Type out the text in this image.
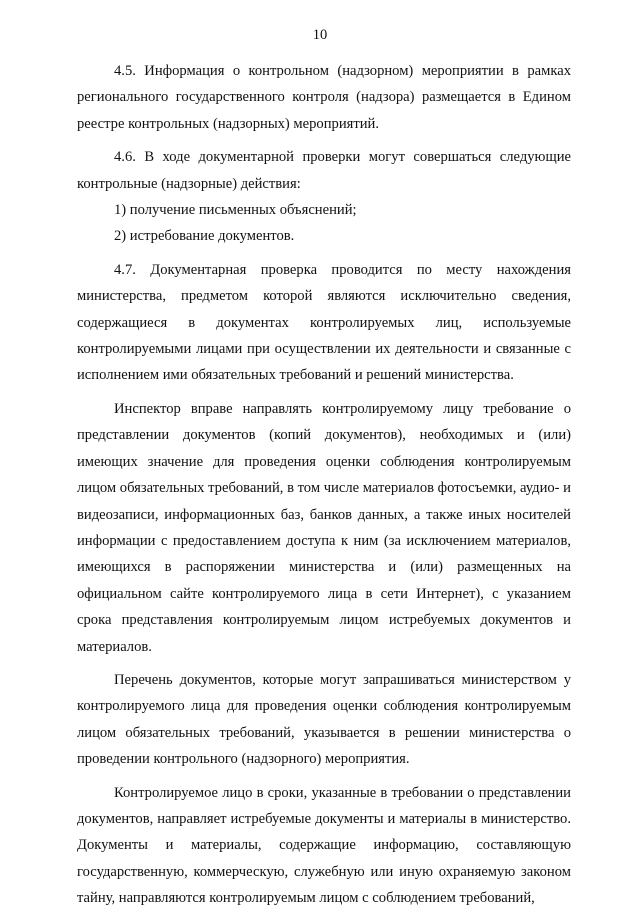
10

4.5. Информация о контрольном (надзорном) мероприятии в рамках регионального государственного контроля (надзора) размещается в Едином реестре контрольных (надзорных) мероприятий.

4.6. В ходе документарной проверки могут совершаться следующие контрольные (надзорные) действия:

1) получение письменных объяснений;

2) истребование документов.

4.7. Документарная проверка проводится по месту нахождения министерства, предметом которой являются исключительно сведения, содержащиеся в документах контролируемых лиц, используемые контролируемыми лицами при осуществлении их деятельности и связанные с исполнением ими обязательных требований и решений министерства.

Инспектор вправе направлять контролируемому лицу требование о представлении документов (копий документов), необходимых и (или) имеющих значение для проведения оценки соблюдения контролируемым лицом обязательных требований, в том числе материалов фотосъемки, аудио- и видеозаписи, информационных баз, банков данных, а также иных носителей информации с предоставлением доступа к ним (за исключением материалов, имеющихся в распоряжении министерства и (или) размещенных на официальном сайте контролируемого лица в сети Интернет), с указанием срока представления контролируемым лицом истребуемых документов и материалов.

Перечень документов, которые могут запрашиваться министерством у контролируемого лица для проведения оценки соблюдения контролируемым лицом обязательных требований, указывается в решении министерства о проведении контрольного (надзорного) мероприятия.

Контролируемое лицо в сроки, указанные в требовании о представлении документов, направляет истребуемые документы и материалы в министерство. Документы и материалы, содержащие информацию, составляющую государственную, коммерческую, служебную или иную охраняемую законом тайну, направляются контролируемым лицом с соблюдением требований,
